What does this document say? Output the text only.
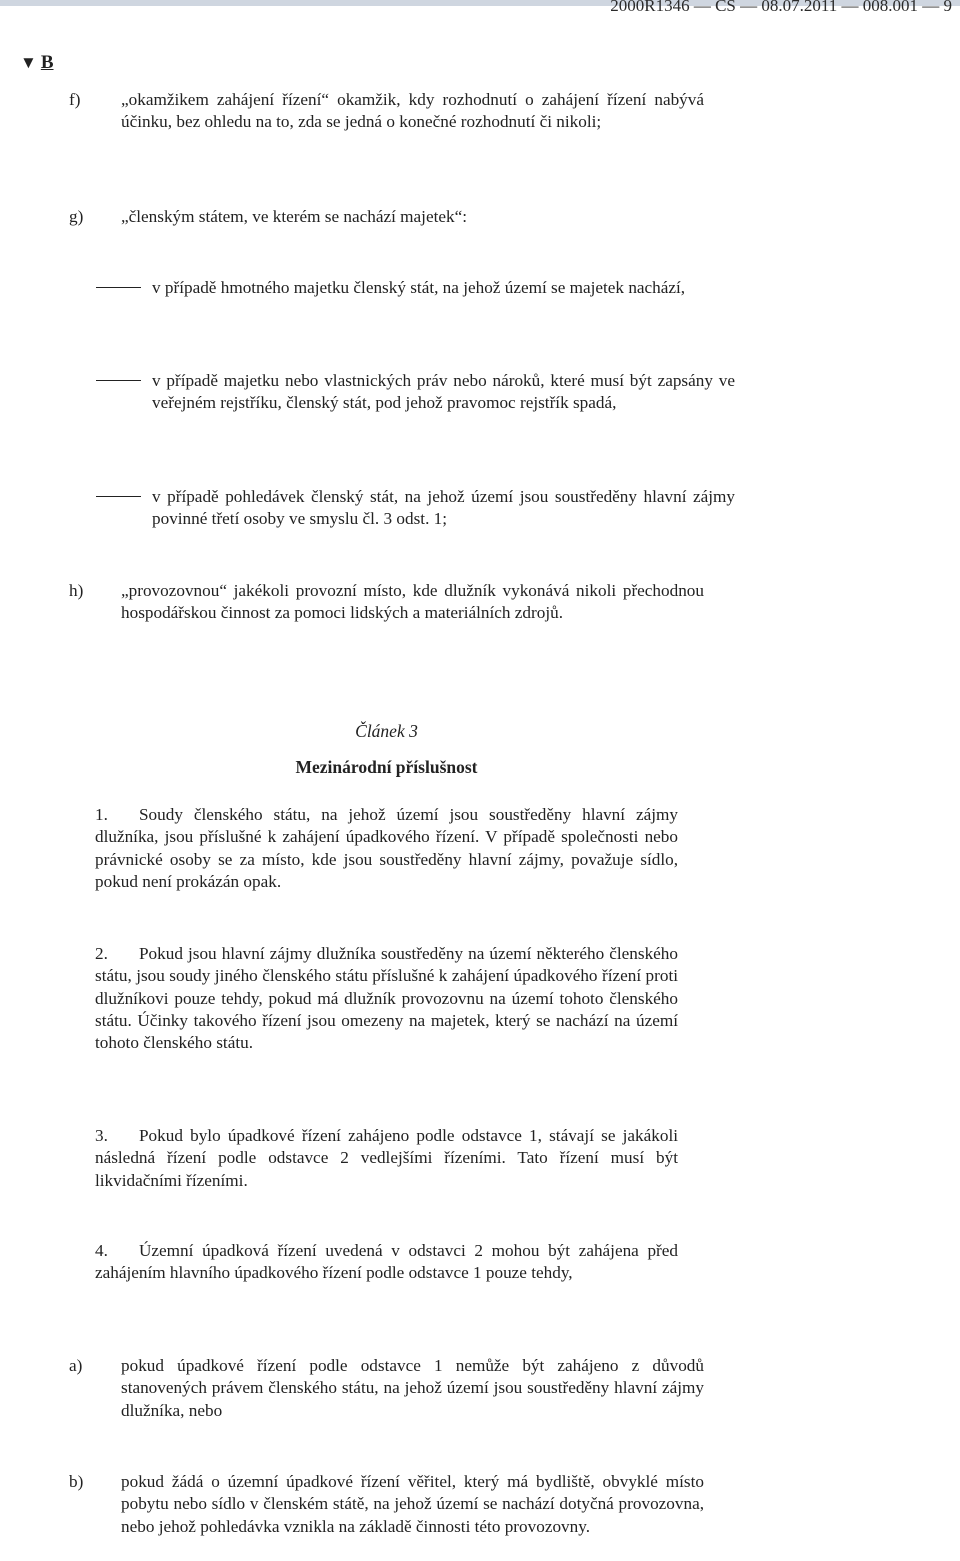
2000R1346 — CS — 08.07.2011 — 008.001 — 9
▼ B
f) „okamžikem zahájení řízení“ okamžik, kdy rozhodnutí o zahájení řízení nabývá účinku, bez ohledu na to, zda se jedná o konečné rozhodnutí či nikoli;
g) „členským státem, ve kterém se nachází majetek“:
v případě hmotného majetku členský stát, na jehož území se majetek nachází,
v případě majetku nebo vlastnických práv nebo nároků, které musí být zapsány ve veřejném rejstříku, členský stát, pod jehož pravomoc rejstřík spadá,
v případě pohledávek členský stát, na jehož území jsou soustředěny hlavní zájmy povinné třetí osoby ve smyslu čl. 3 odst. 1;
h) „provozovnou“ jakékoli provozní místo, kde dlužník vykonává nikoli přechodnou hospodářskou činnost za pomoci lidských a materiálních zdrojů.
Článek 3
Mezinárodní příslušnost
1. Soudy členského státu, na jehož území jsou soustředěny hlavní zájmy dlužníka, jsou příslušné k zahájení úpadkového řízení. V případě společnosti nebo právnické osoby se za místo, kde jsou soustředěny hlavní zájmy, považuje sídlo, pokud není prokázán opak.
2. Pokud jsou hlavní zájmy dlužníka soustředěny na území některého členského státu, jsou soudy jiného členského státu příslušné k zahájení úpadkového řízení proti dlužníkovi pouze tehdy, pokud má dlužník provozovnu na území tohoto členského státu. Účinky takového řízení jsou omezeny na majetek, který se nachází na území tohoto členského státu.
3. Pokud bylo úpadkové řízení zahájeno podle odstavce 1, stávají se jakákoli následná řízení podle odstavce 2 vedlejšími řízeními. Tato řízení musí být likvidačními řízeními.
4. Územní úpadková řízení uvedená v odstavci 2 mohou být zahájena před zahájením hlavního úpadkového řízení podle odstavce 1 pouze tehdy,
a) pokud úpadkové řízení podle odstavce 1 nemůže být zahájeno z důvodů stanovených právem členského státu, na jehož území jsou soustředěny hlavní zájmy dlužníka, nebo
b) pokud žádá o územní úpadkové řízení věřitel, který má bydliště, obvyklé místo pobytu nebo sídlo v členském státě, na jehož území se nachází dotyčná provozovna, nebo jehož pohledávka vznikla na základě činnosti této provozovny.
